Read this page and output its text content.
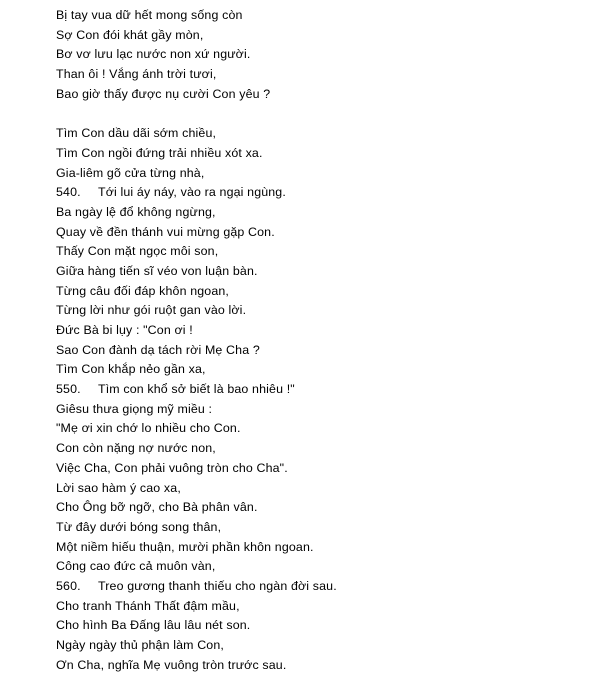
Bị tay vua dữ hết mong sống còn
Sợ Con đói khát gầy mòn,
Bơ vơ lưu lạc nước non xứ người.
Than ôi ! Vắng ánh trời tươi,
Bao giờ thấy được nụ cười Con yêu ?
Tìm Con dầu dãi sớm chiều,
Tìm Con ngồi đứng trải nhiều xót xa.
Gia-liêm gõ cửa từng nhà,
540. Tới lui áy náy, vào ra ngại ngùng.
Ba ngày lệ đổ không ngừng,
Quay về đền thánh vui mừng gặp Con.
Thấy Con mặt ngọc môi son,
Giữa hàng tiến sĩ véo von luận bàn.
Từng câu đối đáp khôn ngoan,
Từng lời như gói ruột gan vào lời.
Đức Bà bi lụy : "Con ơi !
Sao Con đành dạ tách rời Mẹ Cha ?
Tìm Con khắp nẻo gần xa,
550. Tìm con khổ sở biết là bao nhiêu !"
Giêsu thưa giọng mỹ miều :
"Mẹ ơi xin chớ lo nhiều cho Con.
Con còn nặng nợ nước non,
Việc Cha, Con phải vuông tròn cho Cha".
Lời sao hàm ý cao xa,
Cho Ông bỡ ngỡ, cho Bà phân vân.
Từ đây dưới bóng song thân,
Một niềm hiếu thuận, mười phần khôn ngoan.
Công cao đức cả muôn vàn,
560. Treo gương thanh thiếu cho ngàn đời sau.
Cho tranh Thánh Thất đậm mầu,
Cho hình Ba Đấng lâu lâu nét son.
Ngày ngày thủ phận làm Con,
Ơn Cha, nghĩa Mẹ vuông tròn trước sau.
